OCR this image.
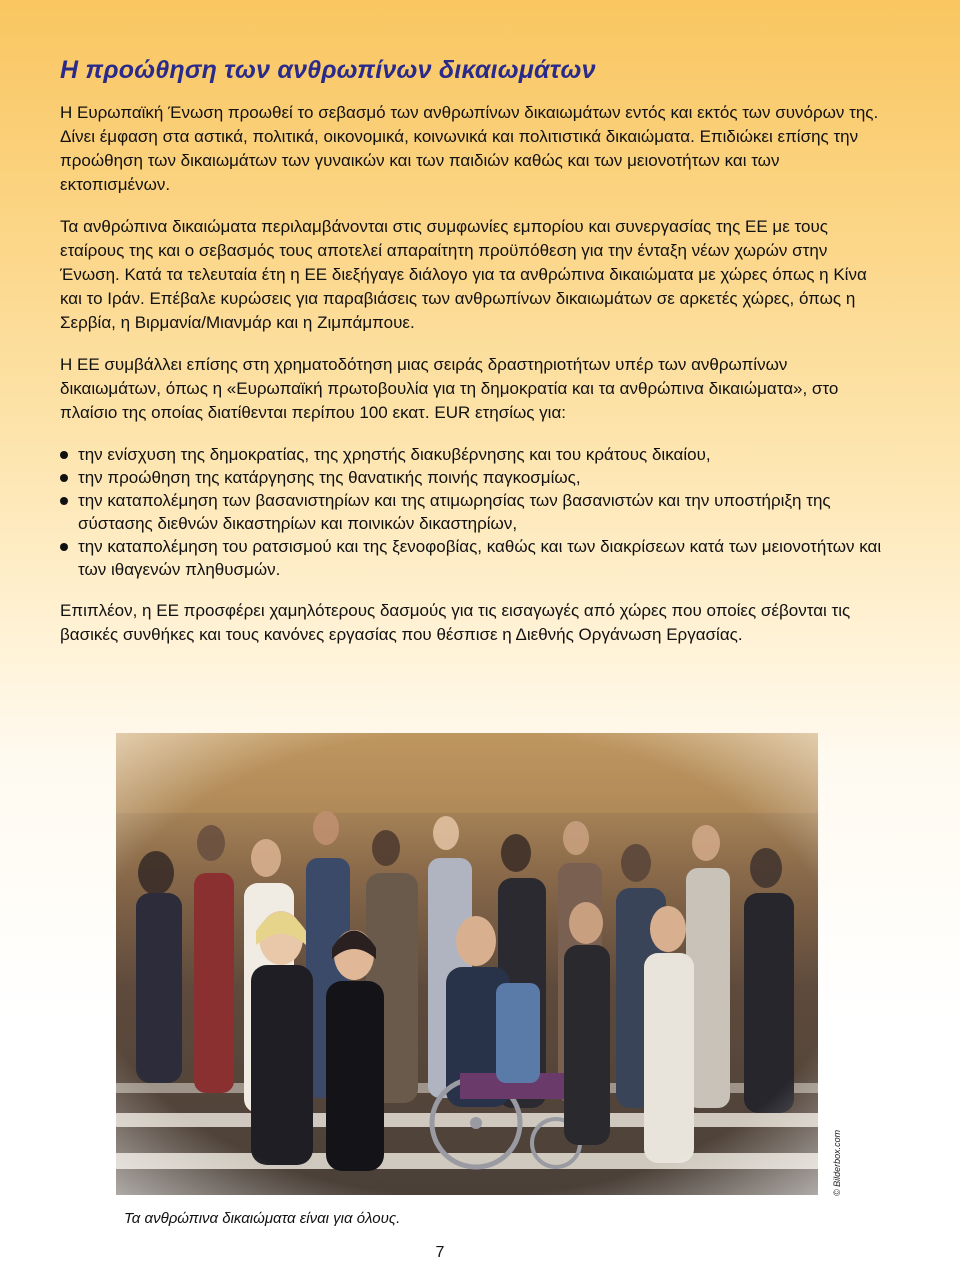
Η προώθηση των ανθρωπίνων δικαιωμάτων

Η Ευρωπαϊκή Ένωση προωθεί το σεβασμό των ανθρωπίνων δικαιωμάτων εντός και εκτός των συνόρων της. Δίνει έμφαση στα αστικά, πολιτικά, οικονομικά, κοινωνικά και πολιτιστικά δικαιώματα. Επιδιώκει επίσης την προώθηση των δικαιωμάτων των γυναικών και των παιδιών καθώς και των μειονοτήτων και των εκτοπισμένων.

Τα ανθρώπινα δικαιώματα περιλαμβάνονται στις συμφωνίες εμπορίου και συνεργασίας της ΕΕ με τους εταίρους της και ο σεβασμός τους αποτελεί απαραίτητη προϋπόθεση για την ένταξη νέων χωρών στην Ένωση. Κατά τα τελευταία έτη η ΕΕ διεξήγαγε διάλογο για τα ανθρώπινα δικαιώματα με χώρες όπως η Κίνα και το Ιράν. Επέβαλε κυρώσεις για παραβιάσεις των ανθρωπίνων δικαιωμάτων σε αρκετές χώρες, όπως η Σερβία, η Βιρμανία/Μιανμάρ και η Ζιμπάμπουε.

Η ΕΕ συμβάλλει επίσης στη χρηματοδότηση μιας σειράς δραστηριοτήτων υπέρ των ανθρωπίνων δικαιωμάτων, όπως η «Ευρωπαϊκή πρωτοβουλία για τη δημοκρατία και τα ανθρώπινα δικαιώματα», στο πλαίσιο της οποίας διατίθενται περίπου 100 εκατ. EUR ετησίως για:

την ενίσχυση της δημοκρατίας, της χρηστής διακυβέρνησης και του κράτους δικαίου,
την προώθηση της κατάργησης της θανατικής ποινής παγκοσμίως,
την καταπολέμηση των βασανιστηρίων και της ατιμωρησίας των βασανιστών και την υποστήριξη της σύστασης διεθνών δικαστηρίων και ποινικών δικαστηρίων,
την καταπολέμηση του ρατσισμού και της ξενοφοβίας, καθώς και των διακρίσεων κατά των μειονοτήτων και των ιθαγενών πληθυσμών.

Επιπλέον, η ΕΕ προσφέρει χαμηλότερους δασμούς για τις εισαγωγές από χώρες που οποίες σέβονται τις βασικές συνθήκες και τους κανόνες εργασίας που θέσπισε η Διεθνής Οργάνωση Εργασίας.

© Bilderbox.com
Τα ανθρώπινα δικαιώματα είναι για όλους.
7
